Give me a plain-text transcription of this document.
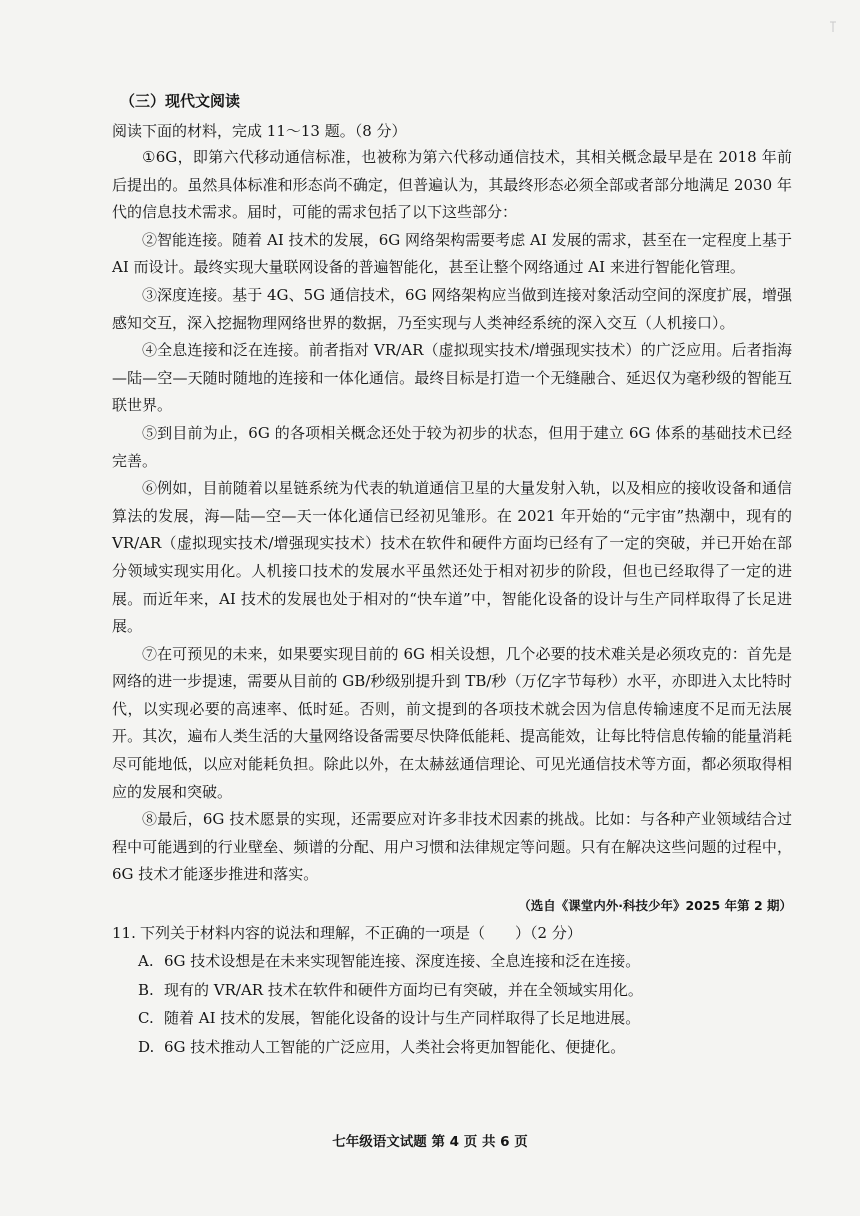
（三）现代文阅读

阅读下面的材料，完成 11～13 题。（8 分）

①6G，即第六代移动通信标准，也被称为第六代移动通信技术，其相关概念最早是在 2018 年前后提出的。虽然具体标准和形态尚不确定，但普遍认为，其最终形态必须全部或者部分地满足 2030 年代的信息技术需求。届时，可能的需求包括了以下这些部分：

②智能连接。随着 AI 技术的发展，6G 网络架构需要考虑 AI 发展的需求，甚至在一定程度上基于 AI 而设计。最终实现大量联网设备的普遍智能化，甚至让整个网络通过 AI 来进行智能化管理。

③深度连接。基于 4G、5G 通信技术，6G 网络架构应当做到连接对象活动空间的深度扩展，增强感知交互，深入挖掘物理网络世界的数据，乃至实现与人类神经系统的深入交互（人机接口）。

④全息连接和泛在连接。前者指对 VR/AR（虚拟现实技术/增强现实技术）的广泛应用。后者指海—陆—空—天随时随地的连接和一体化通信。最终目标是打造一个无缝融合、延迟仅为毫秒级的智能互联世界。

⑤到目前为止，6G 的各项相关概念还处于较为初步的状态，但用于建立 6G 体系的基础技术已经完善。

⑥例如，目前随着以星链系统为代表的轨道通信卫星的大量发射入轨，以及相应的接收设备和通信算法的发展，海—陆—空—天一体化通信已经初见雏形。在 2021 年开始的“元宇宙”热潮中，现有的 VR/AR（虚拟现实技术/增强现实技术）技术在软件和硬件方面均已经有了一定的突破，并已开始在部分领域实现实用化。人机接口技术的发展水平虽然还处于相对初步的阶段，但也已经取得了一定的进展。而近年来，AI 技术的发展也处于相对的“快车道”中，智能化设备的设计与生产同样取得了长足进展。

⑦在可预见的未来，如果要实现目前的 6G 相关设想，几个必要的技术难关是必须攻克的：首先是网络的进一步提速，需要从目前的 GB/秒级别提升到 TB/秒（万亿字节每秒）水平，亦即进入太比特时代，以实现必要的高速率、低时延。否则，前文提到的各项技术就会因为信息传输速度不足而无法展开。其次，遍布人类生活的大量网络设备需要尽快降低能耗、提高能效，让每比特信息传输的能量消耗尽可能地低，以应对能耗负担。除此以外，在太赫兹通信理论、可见光通信技术等方面，都必须取得相应的发展和突破。

⑧最后，6G 技术愿景的实现，还需要应对许多非技术因素的挑战。比如：与各种产业领域结合过程中可能遇到的行业壁垒、频谱的分配、用户习惯和法律规定等问题。只有在解决这些问题的过程中，6G 技术才能逐步推进和落实。

（选自《课堂内外·科技少年》2025 年第 2 期）

11. 下列关于材料内容的说法和理解，不正确的一项是（　　）（2 分）

A. 6G 技术设想是在未来实现智能连接、深度连接、全息连接和泛在连接。
B. 现有的 VR/AR 技术在软件和硬件方面均已有突破，并在全领域实用化。
C. 随着 AI 技术的发展，智能化设备的设计与生产同样取得了长足地进展。
D. 6G 技术推动人工智能的广泛应用，人类社会将更加智能化、便捷化。
七年级语文试题 第 4 页 共 6 页
